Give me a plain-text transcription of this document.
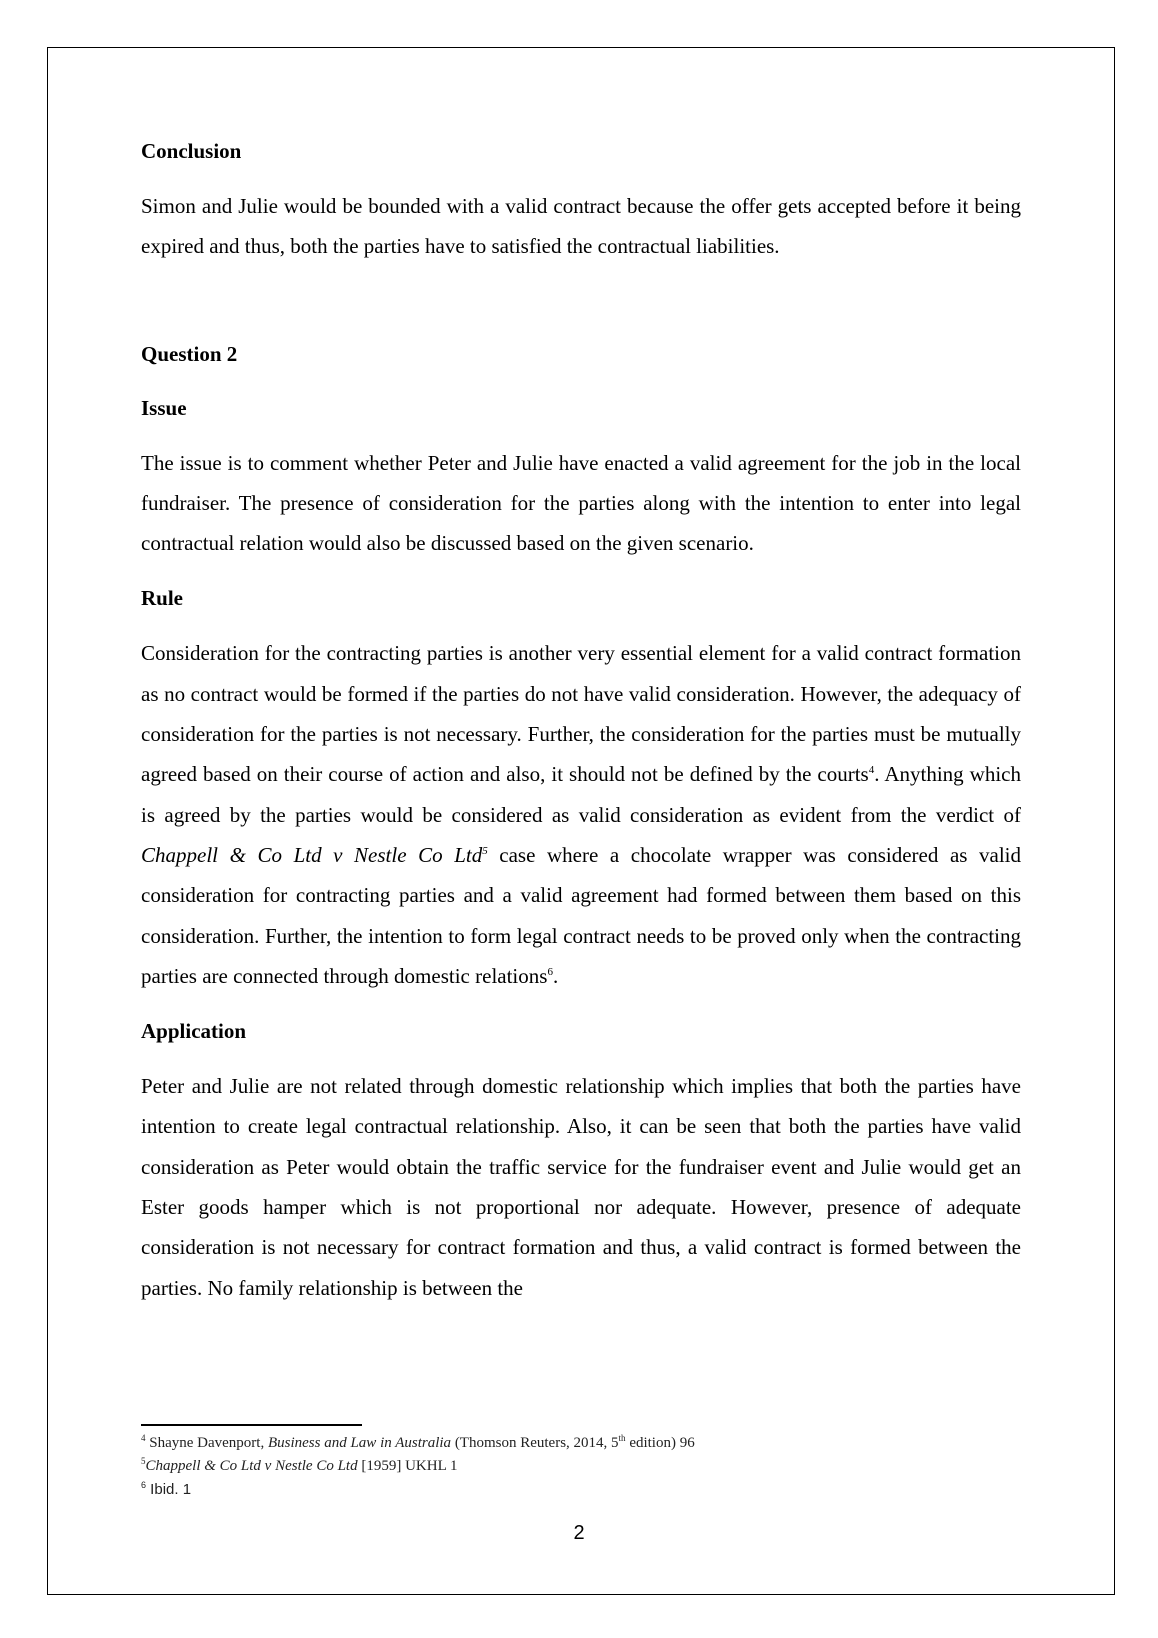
Conclusion

Simon and Julie would be bounded with a valid contract because the offer gets accepted before it being expired and thus, both the parties have to satisfied the contractual liabilities.

Question 2

Issue

The issue is to comment whether Peter and Julie have enacted a valid agreement for the job in the local fundraiser. The presence of consideration for the parties along with the intention to enter into legal contractual relation would also be discussed based on the given scenario.

Rule

Consideration for the contracting parties is another very essential element for a valid contract formation as no contract would be formed if the parties do not have valid consideration. However, the adequacy of consideration for the parties is not necessary. Further, the consideration for the parties must be mutually agreed based on their course of action and also, it should not be defined by the courts$^4$. Anything which is agreed by the parties would be considered as valid consideration as evident from the verdict of Chappell & Co Ltd v Nestle Co Ltd$^5$ case where a chocolate wrapper was considered as valid consideration for contracting parties and a valid agreement had formed between them based on this consideration. Further, the intention to form legal contract needs to be proved only when the contracting parties are connected through domestic relations$^6$.

Application

Peter and Julie are not related through domestic relationship which implies that both the parties have intention to create legal contractual relationship. Also, it can be seen that both the parties have valid consideration as Peter would obtain the traffic service for the fundraiser event and Julie would get an Ester goods hamper which is not proportional nor adequate. However, presence of adequate consideration is not necessary for contract formation and thus, a valid contract is formed between the parties. No family relationship is between the

$^4$ Shayne Davenport, Business and Law in Australia (Thomson Reuters, 2014, 5th edition) 96

$^5$Chappell & Co Ltd v Nestle Co Ltd [1959] UKHL 1

$^6$ Ibid. 1

2
